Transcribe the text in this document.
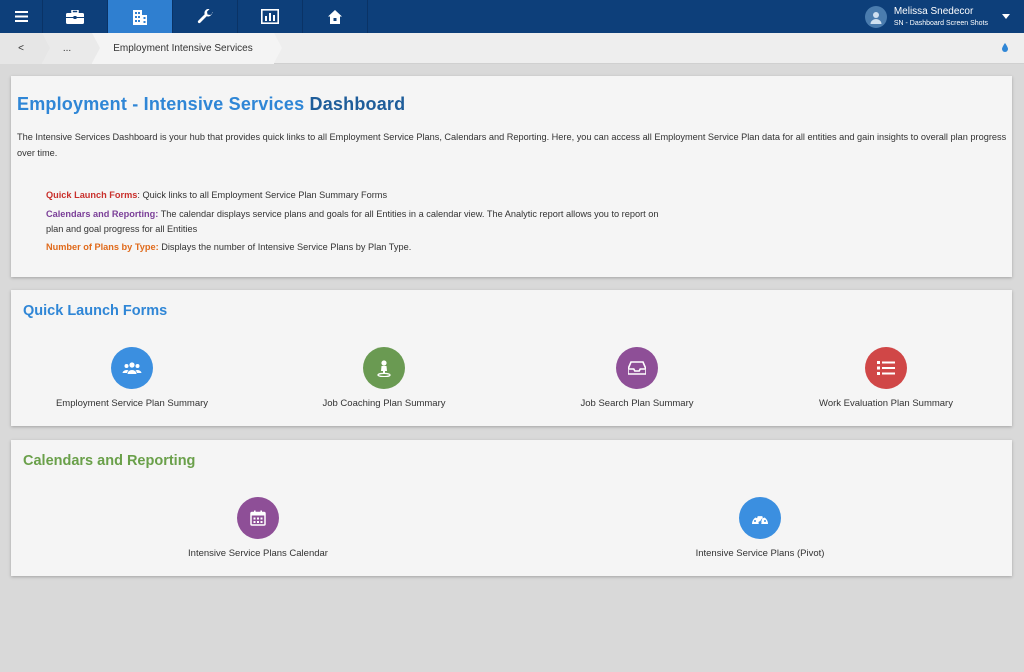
Melissa Snedecor
SN - Dashboard Screen Shots
<	...	Employment Intensive Services
Employment - Intensive Services Dashboard
The Intensive Services Dashboard is your hub that provides quick links to all Employment Service Plans, Calendars and Reporting. Here, you can access all Employment Service Plan data for all entities and gain insights to overall plan progress over time.
Quick Launch Forms: Quick links to all Employment Service Plan Summary Forms
Calendars and Reporting: The calendar displays service plans and goals for all Entities in a calendar view. The Analytic report allows you to report on plan and goal progress for all Entities
Number of Plans by Type: Displays the number of Intensive Service Plans by Plan Type.
Quick Launch Forms
Employment Service Plan Summary	Job Coaching Plan Summary	Job Search Plan Summary	Work Evaluation Plan Summary
Calendars and Reporting
Intensive Service Plans Calendar	Intensive Service Plans (Pivot)
